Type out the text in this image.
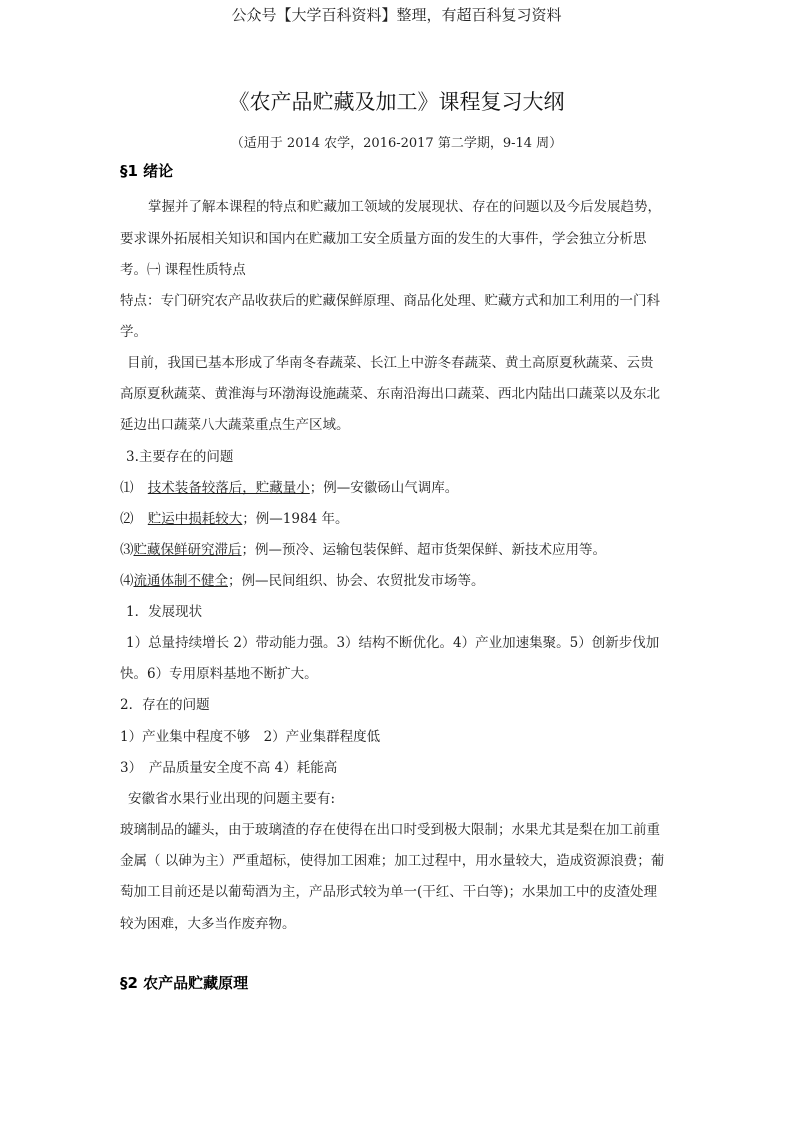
公众号【大学百科资料】整理，有超百科复习资料
《农产品贮藏及加工》课程复习大纲
（适用于 2014 农学，2016-2017 第二学期，9-14 周）
§1 绪论
掌握并了解本课程的特点和贮藏加工领域的发展现状、存在的问题以及今后发展趋势，
要求课外拓展相关知识和国内在贮藏加工安全质量方面的发生的大事件，学会独立分析思
考。㈠ 课程性质特点
特点：专门研究农产品收获后的贮藏保鲜原理、商品化处理、贮藏方式和加工利用的一门科
学。
目前，我国已基本形成了华南冬春蔬菜、长江上中游冬春蔬菜、黄土高原夏秋蔬菜、云贵
高原夏秋蔬菜、黄淮海与环渤海设施蔬菜、东南沿海出口蔬菜、西北内陆出口蔬菜以及东北
延边出口蔬菜八大蔬菜重点生产区域。
3.主要存在的问题
⑴ 技术装备较落后，贮藏量小；例—安徽砀山气调库。
⑵ 贮运中损耗较大；例—1984 年。
⑶贮藏保鲜研究滞后；例—预冷、运输包装保鲜、超市货架保鲜、新技术应用等。
⑷流通体制不健全；例—民间组织、协会、农贸批发市场等。
1．发展现状
1）总量持续增长 2）带动能力强。3）结构不断优化。4）产业加速集聚。5）创新步伐加
快。6）专用原料基地不断扩大。
2．存在的问题
1）产业集中程度不够　2）产业集群程度低
3）　产品质量安全度不高 4）耗能高
安徽省水果行业出现的问题主要有:
玻璃制品的罐头，由于玻璃渣的存在使得在出口时受到极大限制；水果尤其是梨在加工前重
金属（ 以砷为主）严重超标，使得加工困难；加工过程中，用水量较大，造成资源浪费；葡
萄加工目前还是以葡萄酒为主，产品形式较为单一(干红、干白等)；水果加工中的皮渣处理
较为困难，大多当作废弃物。
§2 农产品贮藏原理
